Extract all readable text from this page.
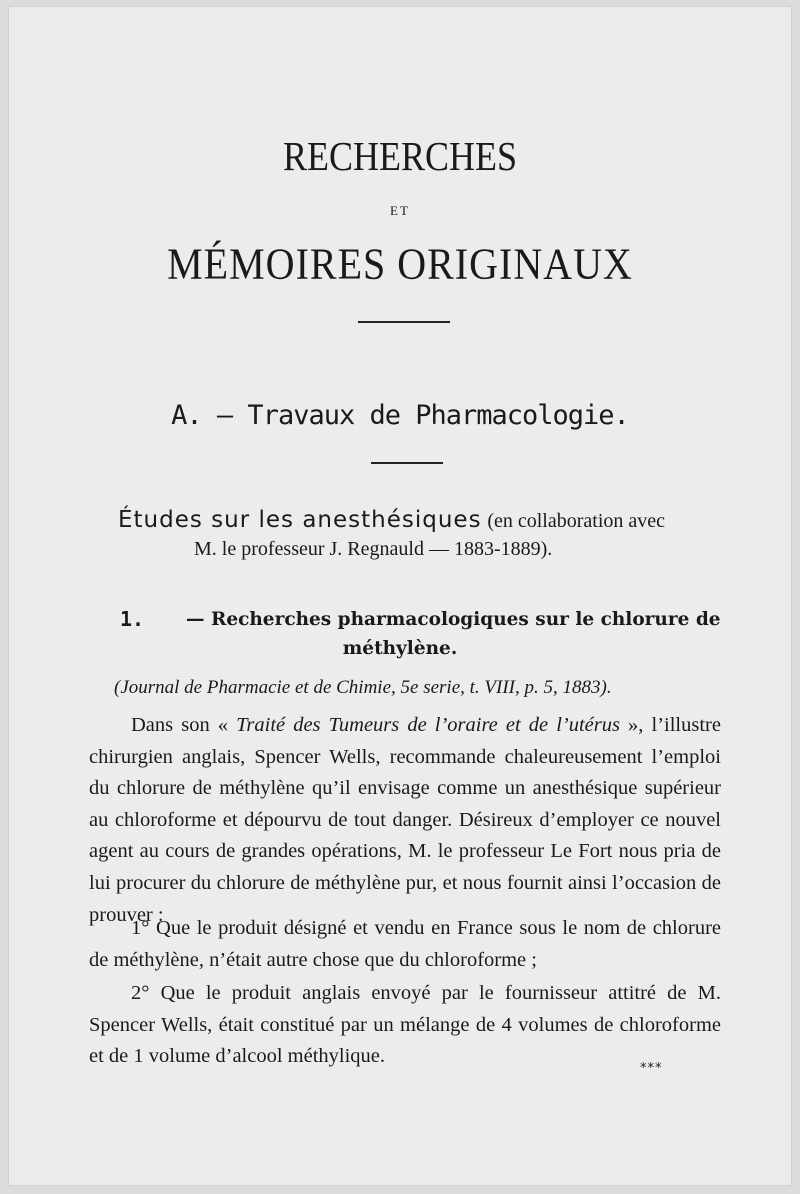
RECHERCHES
ET
MÉMOIRES ORIGINAUX
A. — Travaux de Pharmacologie.
Études sur les anesthésiques (en collaboration avec
M. le professeur J. Regnauld — 1883-1889).
1. — Recherches pharmacologiques sur le chlorure de
méthylène.
(Journal de Pharmacie et de Chimie, 5e serie, t. VIII, p. 5, 1883).

Dans son « Traité des Tumeurs de l’oraire et de l’utérus », l’illustre chirurgien anglais, Spencer Wells, recommande chaleureusement l’emploi du chlorure de méthylène qu’il envisage comme un anesthésique supérieur au chloroforme et dépourvu de tout danger. Désireux d’employer ce nouvel agent au cours de grandes opérations, M. le professeur Le Fort nous pria de lui procurer du chlorure de méthylène pur, et nous fournit ainsi l’occasion de prouver :

1° Que le produit désigné et vendu en France sous le nom de chlorure de méthylène, n’était autre chose que du chloroforme ;

2° Que le produit anglais envoyé par le fournisseur attitré de M. Spencer Wells, était constitué par un mélange de 4 volumes de chloroforme et de 1 volume d’alcool méthylique.

***
